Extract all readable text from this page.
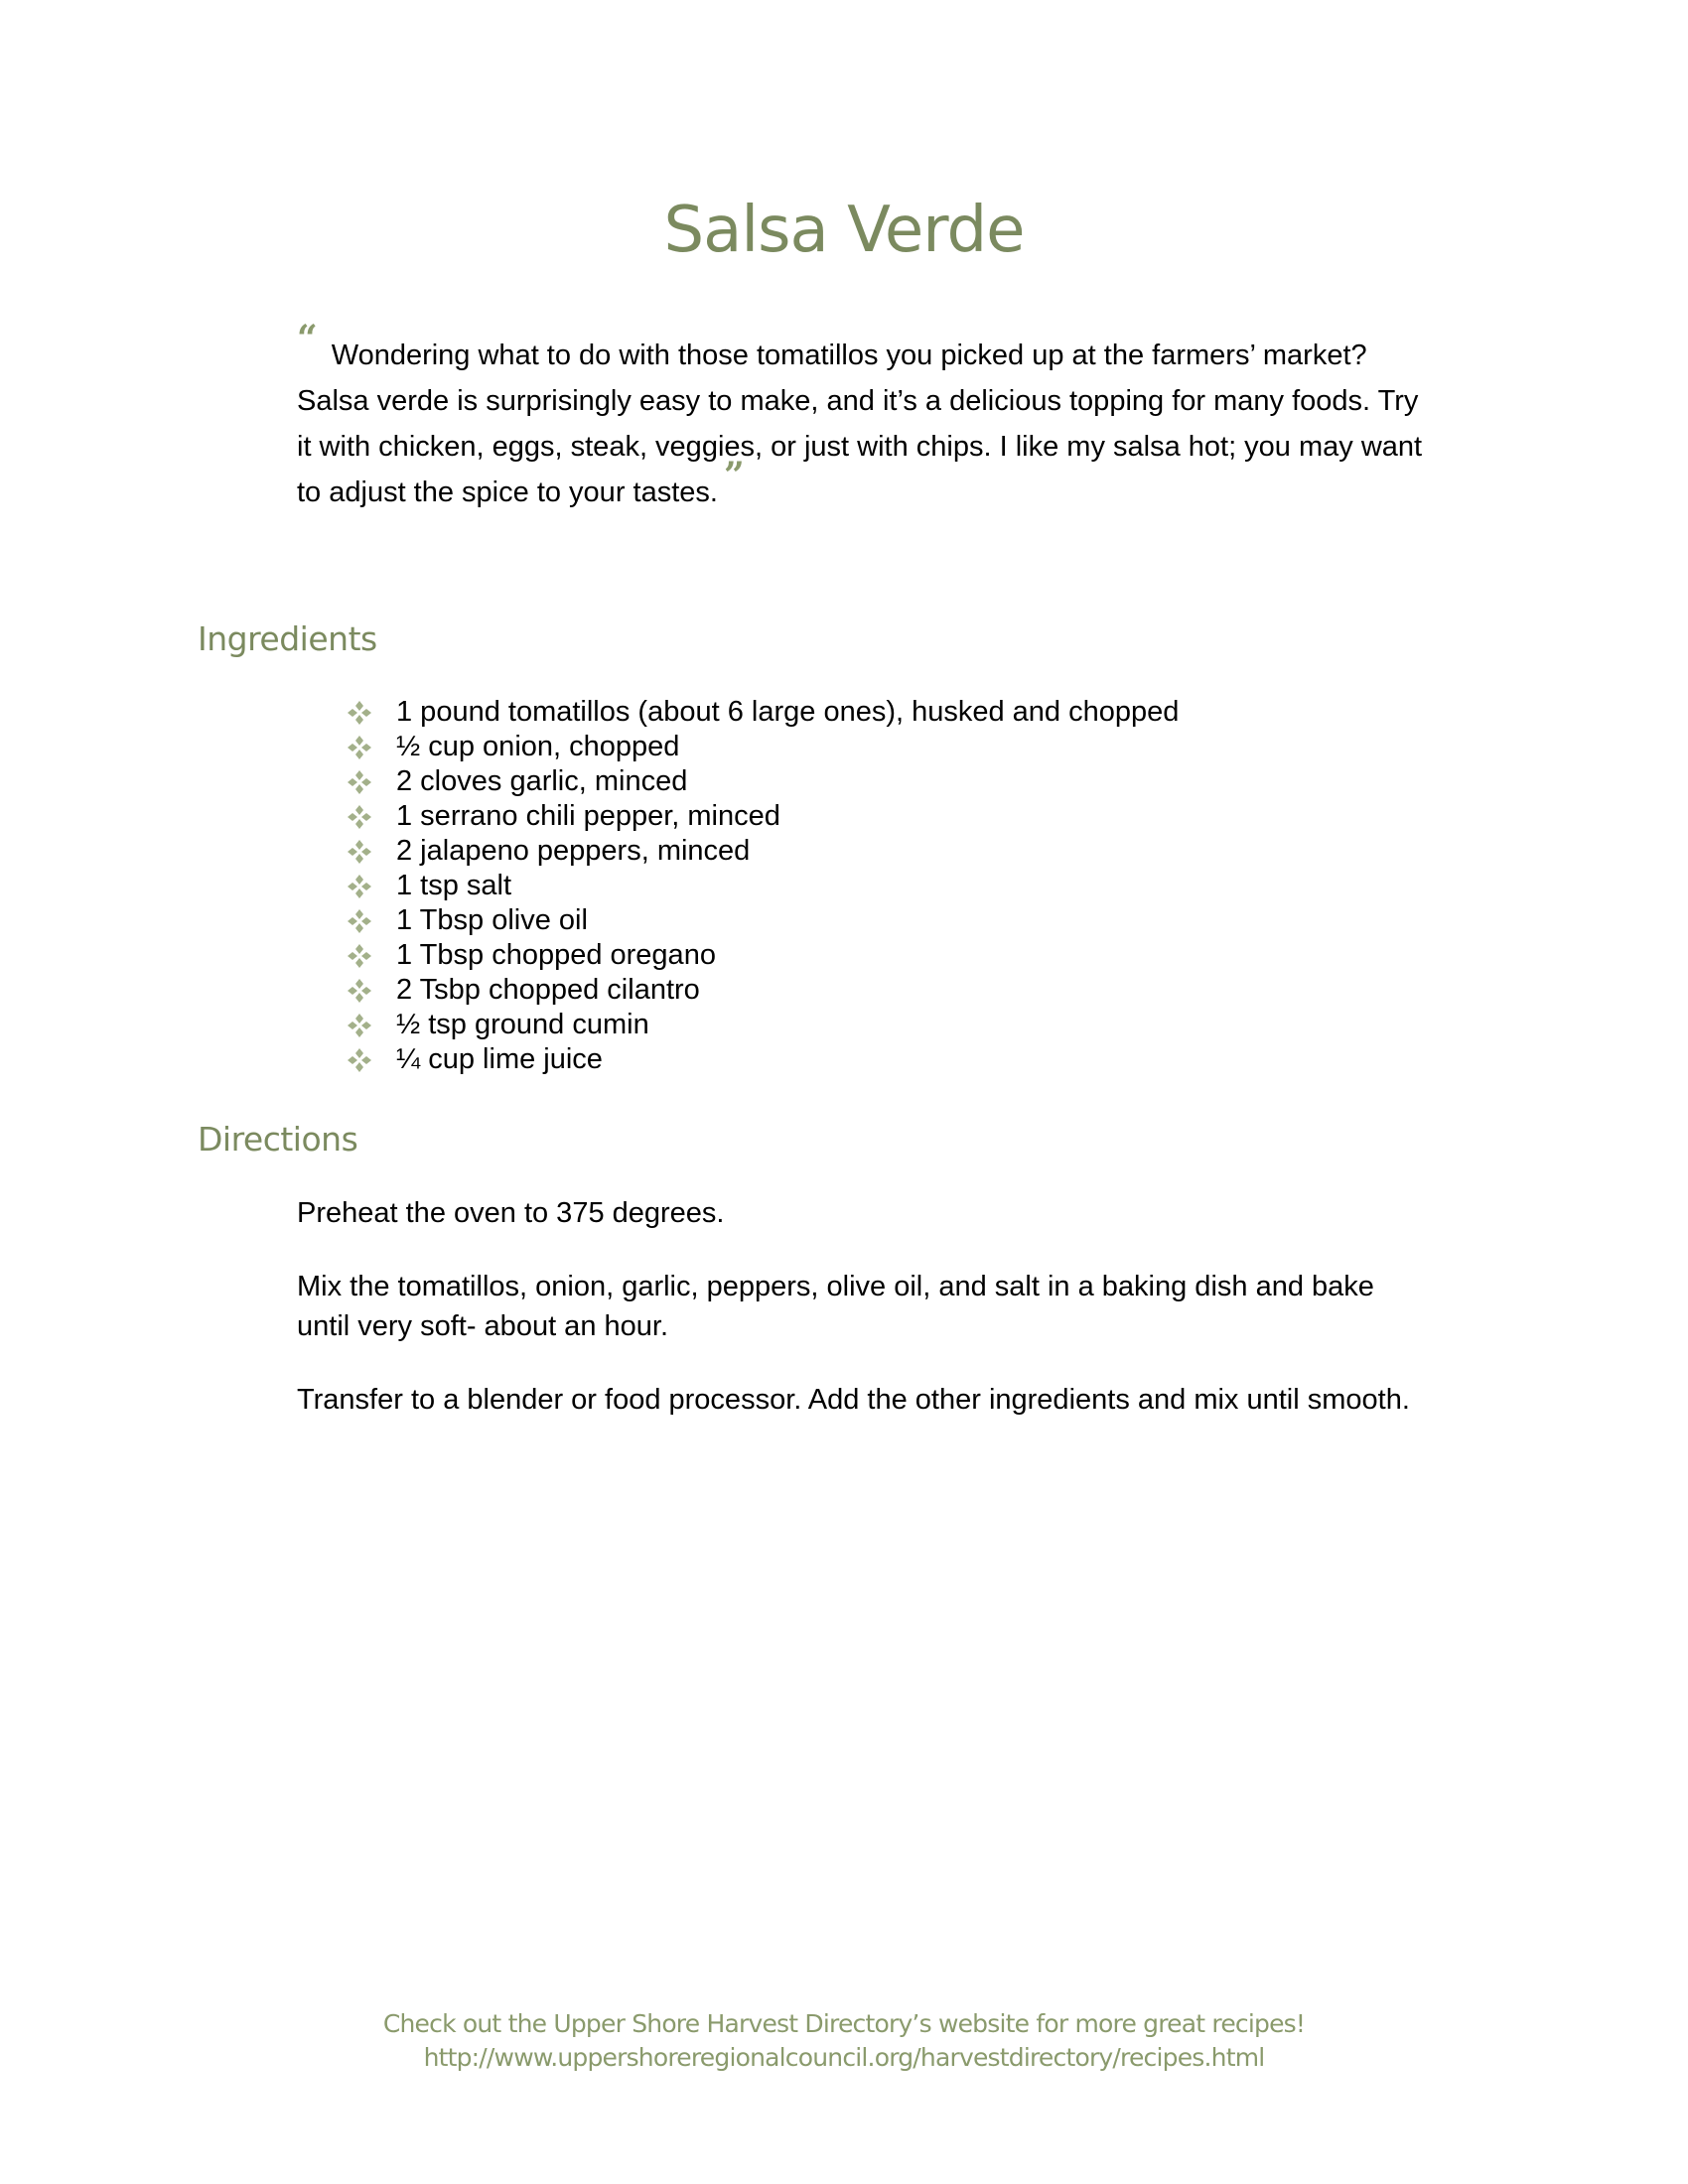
Salsa Verde

“ Wondering what to do with those tomatillos you picked up at the farmers’ market?
Salsa verde is surprisingly easy to make, and it’s a delicious topping for many foods. Try
it with chicken, eggs, steak, veggies, or just with chips. I like my salsa hot; you may want
to adjust the spice to your tastes. ”

Ingredients
1 pound tomatillos (about 6 large ones), husked and chopped
½ cup onion, chopped
2 cloves garlic, minced
1 serrano chili pepper, minced
2 jalapeno peppers, minced
1 tsp salt
1 Tbsp olive oil
1 Tbsp chopped oregano
2 Tsbp chopped cilantro
½ tsp ground cumin
¼ cup lime juice
Directions

Preheat the oven to 375 degrees.

Mix the tomatillos, onion, garlic, peppers, olive oil, and salt in a baking dish and bake
until very soft- about an hour.

Transfer to a blender or food processor. Add the other ingredients and mix until smooth.

Check out the Upper Shore Harvest Directory’s website for more great recipes!
http://www.uppershoreregionalcouncil.org/harvestdirectory/recipes.html
